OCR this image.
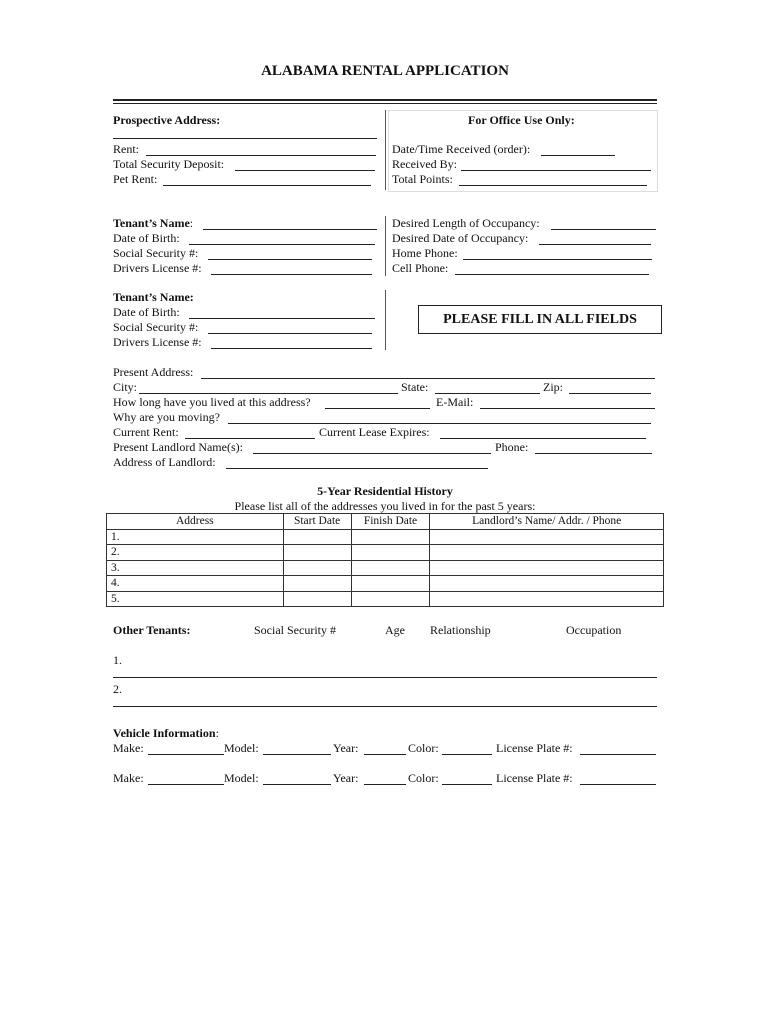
ALABAMA RENTAL APPLICATION
Prospective Address:
Rent:
Total Security Deposit:
Pet Rent:
For Office Use Only:
Date/Time Received (order):
Received By:
Total Points:
Tenant’s Name:
Date of Birth:
Social Security #:
Drivers License #:
Desired Length of Occupancy:
Desired Date of Occupancy:
Home Phone:
Cell Phone:
Tenant’s Name:
Date of Birth:
Social Security #:
Drivers License #:
PLEASE FILL IN ALL FIELDS
Present Address:
City:	State:	Zip:
How long have you lived at this address?	E-Mail:
Why are you moving?
Current Rent:	Current Lease Expires:
Present Landlord Name(s):	Phone:
Address of Landlord:
5-Year Residential History
Please list all of the addresses you lived in for the past 5 years:
Address	Start Date	Finish Date	Landlord’s Name/ Addr. / Phone
1.			
2.			
3.			
4.			
5.			
Other Tenants:	Social Security #	Age Relationship	Occupation
1.
2.
Vehicle Information:
Make:	Model:	Year:	Color:	License Plate #:
Make:	Model:	Year:	Color:	License Plate #:
